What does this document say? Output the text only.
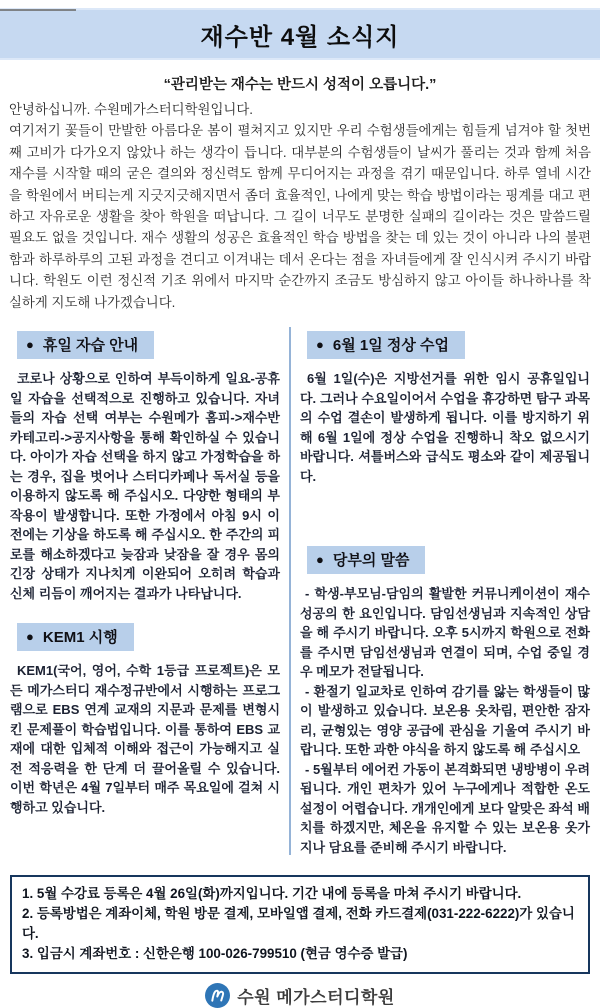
재수반 4월 소식지

“관리받는 재수는 반드시 성적이 오릅니다.”

안녕하십니까. 수원메가스터디학원입니다.
여기저기 꽃들이 만발한 아름다운 봄이 펼쳐지고 있지만 우리 수험생들에게는 힘들게 넘겨야 할 첫번째 고비가 다가오지 않았나 하는 생각이 듭니다. 대부분의 수험생들이 날씨가 풀리는 것과 함께 처음 재수를 시작할 때의 굳은 결의와 정신력도 함께 무디어지는 과정을 겪기 때문입니다. 하루 열네 시간을 학원에서 버티는게 지긋지긋해지면서 좀더 효율적인, 나에게 맞는 학습 방법이라는 핑계를 대고 편하고 자유로운 생활을 찾아 학원을 떠납니다. 그 길이 너무도 분명한 실패의 길이라는 것은 말씀드릴 필요도 없을 것입니다. 재수 생활의 성공은 효율적인 학습 방법을 찾는 데 있는 것이 아니라 나의 불편함과 하루하루의 고된 과정을 견디고 이겨내는 데서 온다는 점을 자녀들에게 잘 인식시켜 주시기 바랍니다. 학원도 이런 정신적 기조 위에서 마지막 순간까지 조금도 방심하지 않고 아이들 하나하나를 착실하게 지도해 나가겠습니다.
● 휴일 자습 안내

코로나 상황으로 인하여 부득이하게 일요-공휴일 자습을 선택적으로 진행하고 있습니다. 자녀들의 자습 선택 여부는 수원메가 홈피->재수반 카테고리->공지사항을 통해 확인하실 수 있습니다. 아이가 자습 선택을 하지 않고 가정학습을 하는 경우, 집을 벗어나 스터디카페나 독서실 등을 이용하지 않도록 해 주십시오. 다양한 형태의 부작용이 발생합니다. 또한 가정에서 아침 9시 이전에는 기상을 하도록 해 주십시오. 한 주간의 피로를 해소하겠다고 늦잠과 낮잠을 잘 경우 몸의 긴장 상태가 지나치게 이완되어 오히려 학습과 신체 리듬이 깨어지는 결과가 나타납니다.

● KEM1 시행

KEM1(국어, 영어, 수학 1등급 프로젝트)은 모든 메가스터디 재수정규반에서 시행하는 프로그램으로 EBS 연계 교재의 지문과 문제를 변형시킨 문제풀이 학습법입니다. 이를 통하여 EBS 교재에 대한 입체적 이해와 접근이 가능해지고 실전 적응력을 한 단계 더 끌어올릴 수 있습니다. 이번 학년은 4월 7일부터 매주 목요일에 걸쳐 시행하고 있습니다.

● 6월 1일 정상 수업

6월 1일(수)은 지방선거를 위한 임시 공휴일입니다. 그러나 수요일이어서 수업을 휴강하면 탐구 과목의 수업 결손이 발생하게 됩니다. 이를 방지하기 위해 6월 1일에 정상 수업을 진행하니 착오 없으시기 바랍니다. 셔틀버스와 급식도 평소와 같이 제공됩니다.

● 당부의 말씀

- 학생-부모님-담임의 활발한 커뮤니케이션이 재수 성공의 한 요인입니다. 담임선생님과 지속적인 상담을 해 주시기 바랍니다. 오후 5시까지 학원으로 전화를 주시면 담임선생님과 연결이 되며, 수업 중일 경우 메모가 전달됩니다.

- 환절기 일교차로 인하여 감기를 앓는 학생들이 많이 발생하고 있습니다. 보온용 옷차림, 편안한 잠자리, 균형있는 영양 공급에 관심을 기울여 주시기 바랍니다. 또한 과한 야식을 하지 않도록 해 주십시오

- 5월부터 에어컨 가동이 본격화되면 냉방병이 우려됩니다. 개인 편차가 있어 누구에게나 적합한 온도 설정이 어렵습니다. 개개인에게 보다 알맞은 좌석 배치를 하겠지만, 체온을 유지할 수 있는 보온용 옷가지나 담요를 준비해 주시기 바랍니다.

1. 5월 수강료 등록은 4월 26일(화)까지입니다. 기간 내에 등록을 마쳐 주시기 바랍니다.
2. 등록방법은 계좌이체, 학원 방문 결제, 모바일앱 결제, 전화 카드결제(031-222-6222)가 있습니다.
3. 입금시 계좌번호 : 신한은행 100-026-799510 (현금 영수증 발급)
수원 메가스터디학원
